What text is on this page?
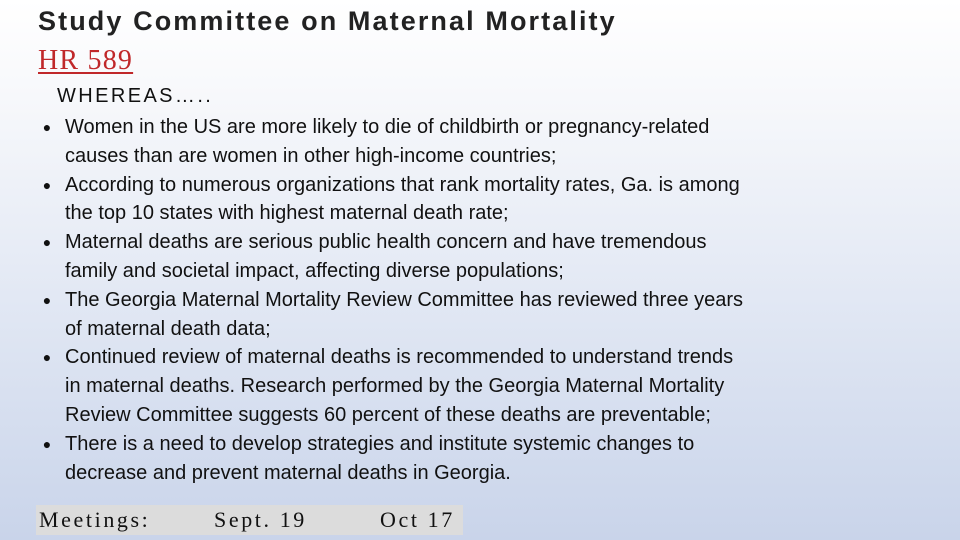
Study Committee on Maternal Mortality
HR 589
WHEREAS…..
● Women in the US are more likely to die of childbirth or pregnancy-related
causes than are women in other high-income countries;
● According to numerous organizations that rank mortality rates, Ga. is among
the top 10 states with highest maternal death rate;
● Maternal deaths are serious public health concern and have tremendous
family and societal impact, affecting diverse populations;
● The Georgia Maternal Mortality Review Committee has reviewed three years
of maternal death data;
● Continued review of maternal deaths is recommended to understand trends
in maternal deaths. Research performed by the Georgia Maternal Mortality
Review Committee suggests 60 percent of these deaths are preventable;
● There is a need to develop strategies and institute systemic changes to
decrease and prevent maternal deaths in Georgia.
Meetings:	Sept. 19	Oct 17
